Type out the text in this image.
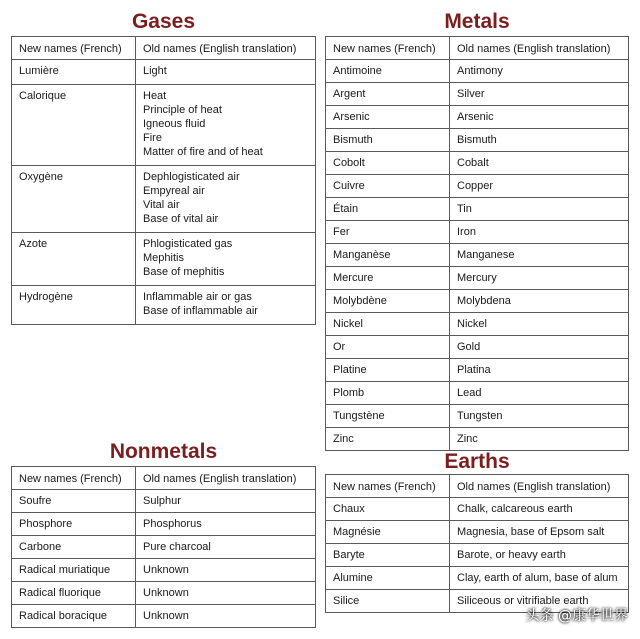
Gases
New names (French)	Old names (English translation)
Lumière	Light

Calorique	Heat
Principle of heat
Igneous fluid
Fire
Matter of fire and of heat

Oxygène	Dephlogisticated air
Empyreal air
Vital air
Base of vital air

Azote	Phlogisticated gas
Mephitis
Base of mephitis

Hydrogène	Inflammable air or gas
Base of inflammable air
Metals
New names (French)	Old names (English translation)
Antimoine	Antimony
Argent	Silver
Arsenic	Arsenic
Bismuth	Bismuth
Cobolt	Cobalt
Cuivre	Copper
Étain	Tin
Fer	Iron
Manganèse	Manganese
Mercure	Mercury
Molybdène	Molybdena
Nickel	Nickel
Or	Gold
Platine	Platina
Plomb	Lead
Tungstène	Tungsten
Zinc	Zinc
Nonmetals
New names (French)	Old names (English translation)
Soufre	Sulphur
Phosphore	Phosphorus
Carbone	Pure charcoal
Radical muriatique	Unknown
Radical fluorique	Unknown
Radical boracique	Unknown
Earths
New names (French)	Old names (English translation)
Chaux	Chalk, calcareous earth
Magnésie	Magnesia, base of Epsom salt
Baryte	Barote, or heavy earth
Alumine	Clay, earth of alum, base of alum
Silice	Siliceous or vitrifiable earth
头条 @康华世界
